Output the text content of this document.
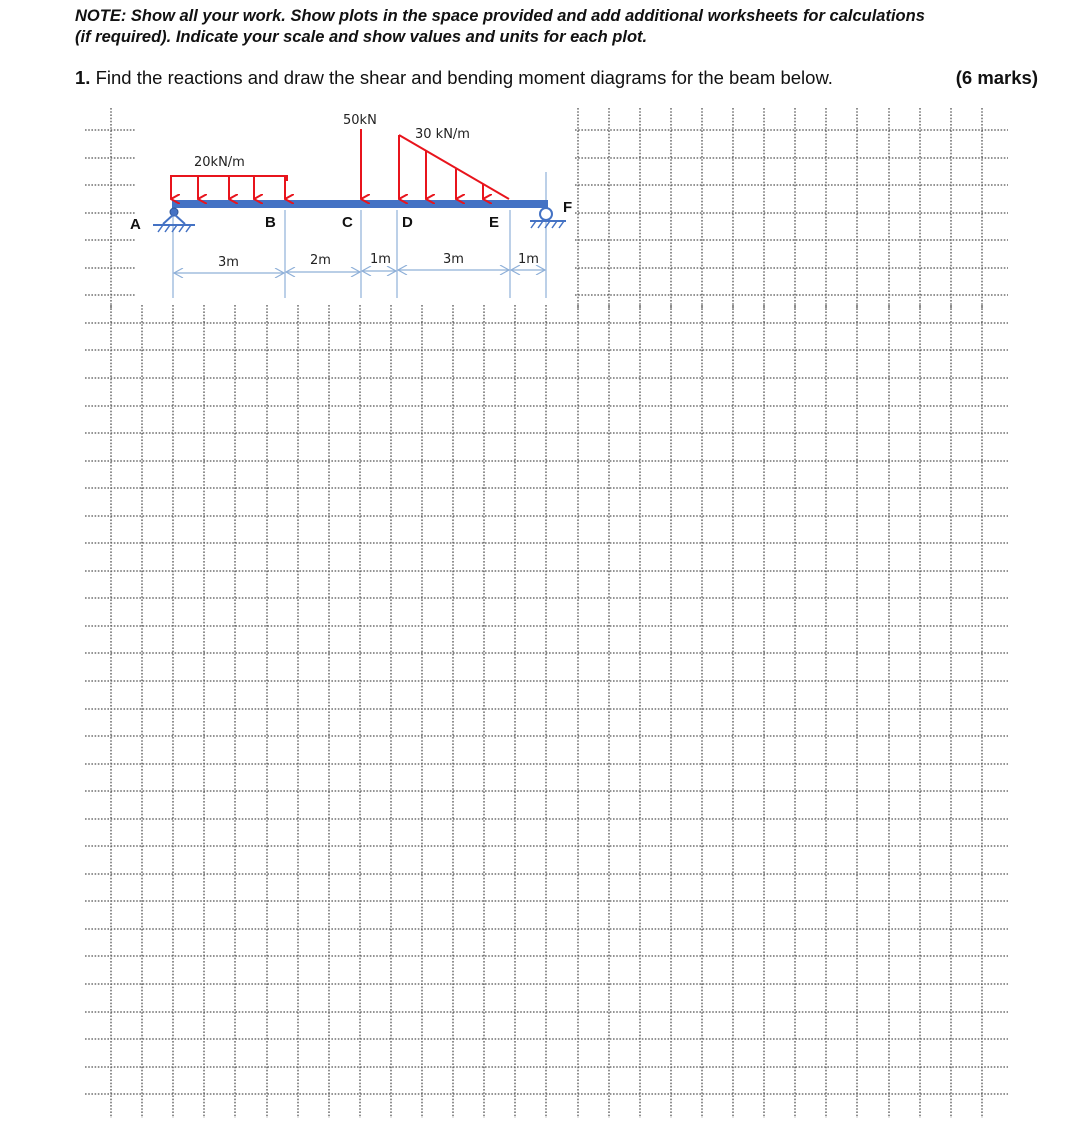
NOTE: Show all your work. Show plots in the space provided and add additional worksheets for calculations
(if required). Indicate your scale and show values and units for each plot.
1. Find the reactions and draw the shear and bending moment diagrams for the beam below.	(6 marks)
20kN/m
50kN
30 kN/m
A	B	C	D	E
F
3m	2m	1m	3m	1m
